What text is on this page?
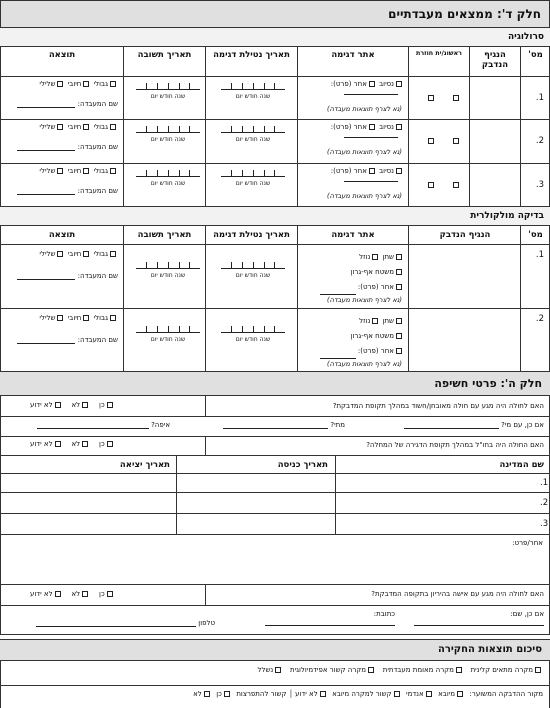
חלק ד': ממצאים מעבדתיים
סרולוגיה
מס'
הנגיף הנדבק
ראשונ/ית חוזרת
אתר דגימה
תאריך נטילת דגימה
תאריך תשובה
תוצאה
1.
נסיוב אחר (פרט):
(נא לצרף תוצאות מעבדה)
שנה חודש יום
שנה חודש יום
גבולי חיובי שלילי
שם המעבדה:
2.
נסיוב אחר (פרט):
(נא לצרף תוצאות מעבדה)
שנה חודש יום
שנה חודש יום
גבולי חיובי שלילי
שם המעבדה:
3.
נסיוב אחר (פרט):
(נא לצרף תוצאות מעבדה)
שנה חודש יום
שנה חודש יום
גבולי חיובי שלילי
שם המעבדה:
בדיקה מולקולרית
מס'
הנגיף הנדבק
אתר דגימה
תאריך נטילת דגימה
תאריך תשובה
תוצאה
1.
שתן נוזל
משטח אף-גרון
אחר (פרט):
(נא לצרף תוצאות מעבדה)
שנה חודש יום
שנה חודש יום
גבולי חיובי שלילי
שם המעבדה:
2.
שתן נוזל
משטח אף-גרון
אחר (פרט):
(נא לצרף תוצאות מעבדה)
שנה חודש יום
שנה חודש יום
גבולי חיובי שלילי
שם המעבדה:
חלק ה': פרטי חשיפה
האם לחולה היה מגע עם חולה מאובחן/חשוד במהלך תקופת המדבקת?
כן    לא    לא ידוע
אם כן, עם מי?
מתי?
איפה?
האם החולה היה בחו"ל במהלך תקופת הדגירה של המחלה?
כן    לא    לא ידוע
שם המדינה
תאריך כניסה
תאריך יציאה
1.
2.
3.
אחר/פרט:
האם לחולה היה מגע עם אישה בהיריון בתקופה המדבקת?
כן    לא    לא ידוע
אם כן, שם:

כתובת:

טלפון
סיכום תוצאות החקירה
מקרה מתאים קלינית   מקרה מאומת מעבדתית   מקרה קשור אפידמיולוגית   נשלל
מקור ההדבקה המשוער:  מיובא  אנדמי  קשור למקרה מיובא  לא ידוע │ קשור להתפרצות  כן  לא
